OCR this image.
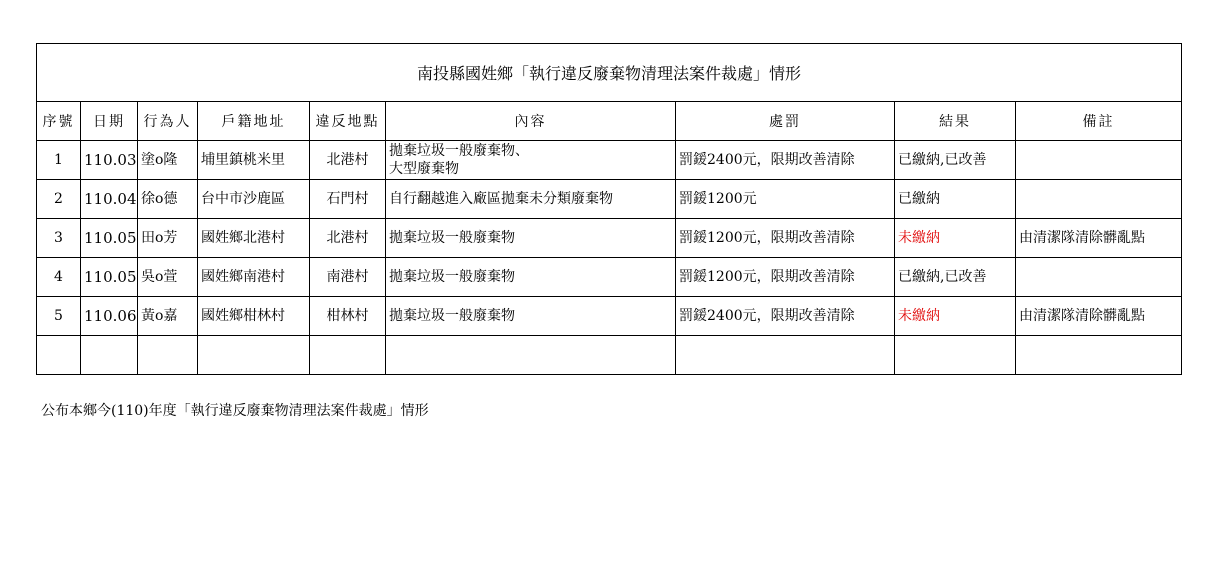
南投縣國姓鄉「執行違反廢棄物清理法案件裁處」情形								
序號	日期	行為人	戶籍地址	違反地點	內容	處罰	結果	備註
1	110.03	塗o隆	埔里鎮桃米里	北港村	拋棄垃圾一般廢棄物、
大型廢棄物	罰鍰2400元，限期改善清除	已繳納,已改善	
2	110.04	徐o德	台中市沙鹿區	石門村	自行翻越進入廠區拋棄未分類廢棄物	罰鍰1200元	已繳納	
3	110.05	田o芳	國姓鄉北港村	北港村	拋棄垃圾一般廢棄物	罰鍰1200元，限期改善清除	未繳納	由清潔隊清除髒亂點
4	110.05	吳o萱	國姓鄉南港村	南港村	拋棄垃圾一般廢棄物	罰鍰1200元，限期改善清除	已繳納,已改善	
5	110.06	黃o嘉	國姓鄉柑林村	柑林村	拋棄垃圾一般廢棄物	罰鍰2400元，限期改善清除	未繳納	由清潔隊清除髒亂點

公布本鄉今(110)年度「執行違反廢棄物清理法案件裁處」情形
